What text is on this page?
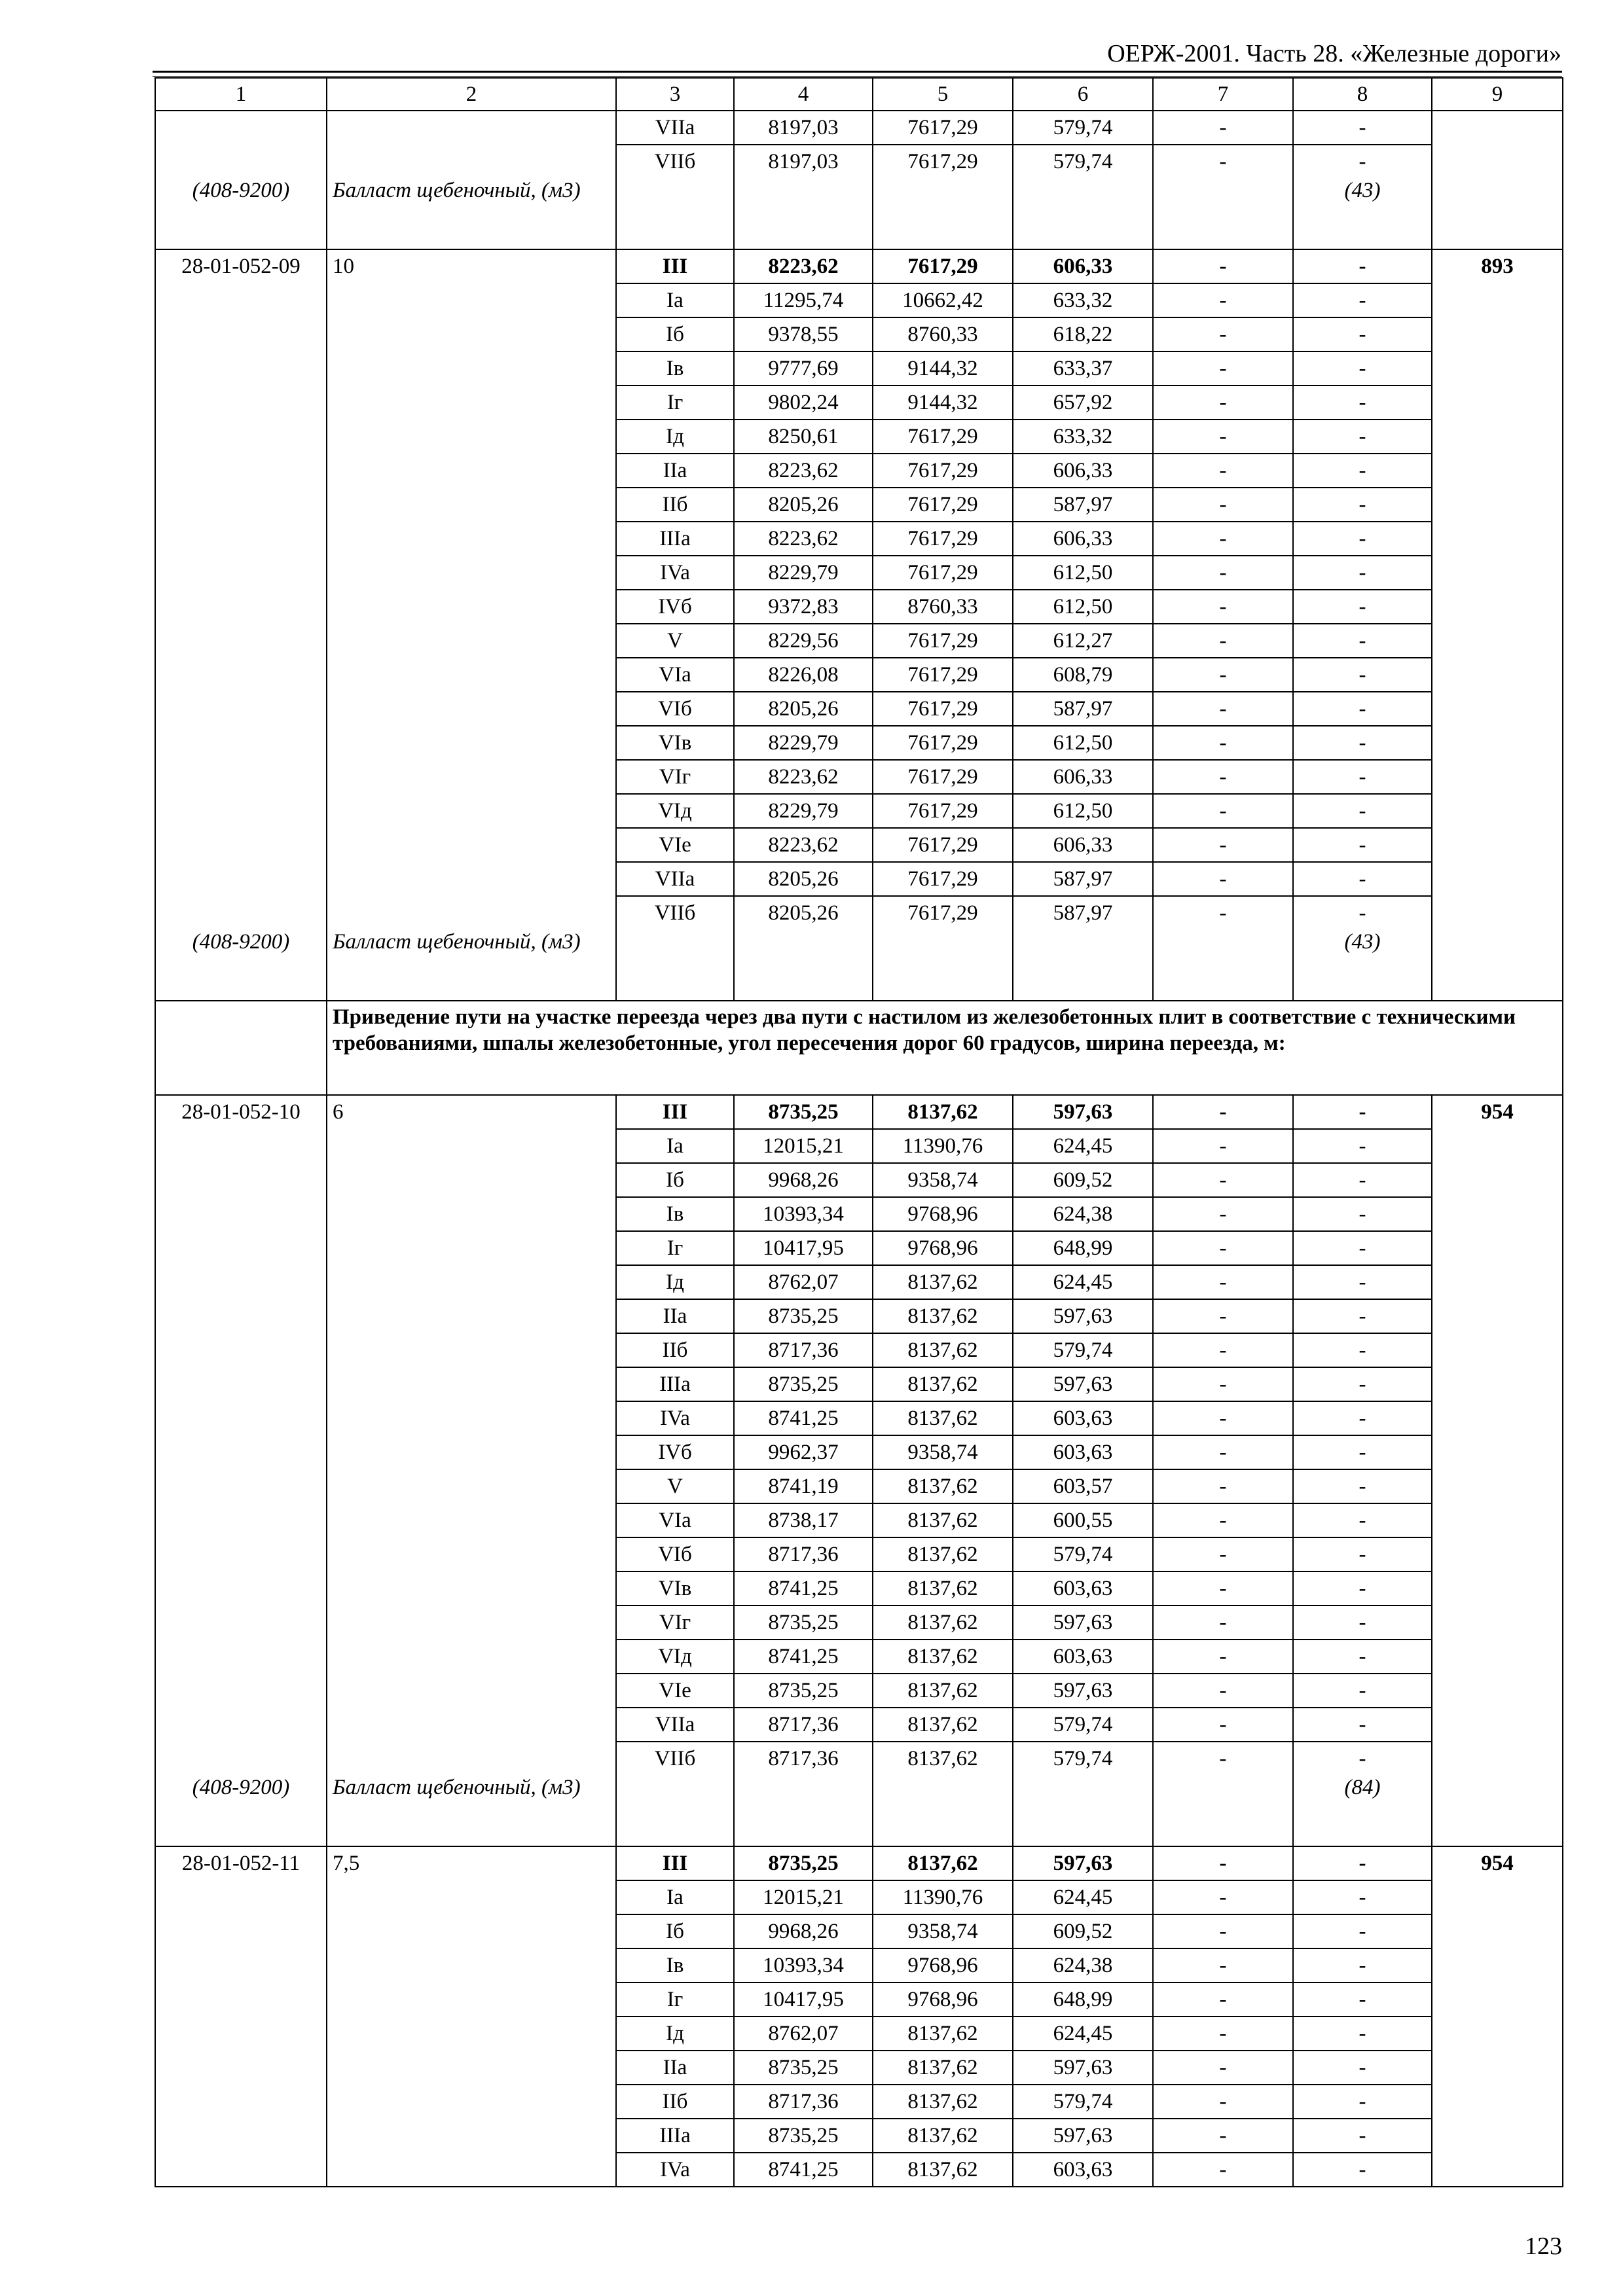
ОЕРЖ-2001. Часть 28. «Железные дороги»
1	2	3	4	5	6	7	8	9
		VIIa	8197,03	7617,29	579,74	-	-	
		VIIб	8197,03	7617,29	579,74	-	-	
(408-9200)	Балласт щебеночный, (м3)						(43)	
28-01-052-09	10	III	8223,62	7617,29	606,33	-	-	893
		Ia	11295,74	10662,42	633,32	-	-	
		Iб	9378,55	8760,33	618,22	-	-	
		Iв	9777,69	9144,32	633,37	-	-	
		Iг	9802,24	9144,32	657,92	-	-	
		Iд	8250,61	7617,29	633,32	-	-	
		IIa	8223,62	7617,29	606,33	-	-	
		IIб	8205,26	7617,29	587,97	-	-	
		IIIa	8223,62	7617,29	606,33	-	-	
		IVa	8229,79	7617,29	612,50	-	-	
		IVб	9372,83	8760,33	612,50	-	-	
		V	8229,56	7617,29	612,27	-	-	
		VIa	8226,08	7617,29	608,79	-	-	
		VIб	8205,26	7617,29	587,97	-	-	
		VIв	8229,79	7617,29	612,50	-	-	
		VIг	8223,62	7617,29	606,33	-	-	
		VIд	8229,79	7617,29	612,50	-	-	
		VIe	8223,62	7617,29	606,33	-	-	
		VIIa	8205,26	7617,29	587,97	-	-	
		VIIб	8205,26	7617,29	587,97	-	-	
(408-9200)	Балласт щебеночный, (м3)						(43)	
	Приведение пути на участке переезда через два пути с настилом из железобетонных плит в соответствие с техническими требованиями, шпалы железобетонные, угол пересечения дорог 60 градусов, ширина переезда, м:							
28-01-052-10	6	III	8735,25	8137,62	597,63	-	-	954
		Ia	12015,21	11390,76	624,45	-	-	
		Iб	9968,26	9358,74	609,52	-	-	
		Iв	10393,34	9768,96	624,38	-	-	
		Iг	10417,95	9768,96	648,99	-	-	
		Iд	8762,07	8137,62	624,45	-	-	
		IIa	8735,25	8137,62	597,63	-	-	
		IIб	8717,36	8137,62	579,74	-	-	
		IIIa	8735,25	8137,62	597,63	-	-	
		IVa	8741,25	8137,62	603,63	-	-	
		IVб	9962,37	9358,74	603,63	-	-	
		V	8741,19	8137,62	603,57	-	-	
		VIa	8738,17	8137,62	600,55	-	-	
		VIб	8717,36	8137,62	579,74	-	-	
		VIв	8741,25	8137,62	603,63	-	-	
		VIг	8735,25	8137,62	597,63	-	-	
		VIд	8741,25	8137,62	603,63	-	-	
		VIe	8735,25	8137,62	597,63	-	-	
		VIIa	8717,36	8137,62	579,74	-	-	
		VIIб	8717,36	8137,62	579,74	-	-	
(408-9200)	Балласт щебеночный, (м3)						(84)	
28-01-052-11	7,5	III	8735,25	8137,62	597,63	-	-	954
		Ia	12015,21	11390,76	624,45	-	-	
		Iб	9968,26	9358,74	609,52	-	-	
		Iв	10393,34	9768,96	624,38	-	-	
		Iг	10417,95	9768,96	648,99	-	-	
		Iд	8762,07	8137,62	624,45	-	-	
		IIa	8735,25	8137,62	597,63	-	-	
		IIб	8717,36	8137,62	579,74	-	-	
		IIIa	8735,25	8137,62	597,63	-	-	
		IVa	8741,25	8137,62	603,63	-	-	
123
